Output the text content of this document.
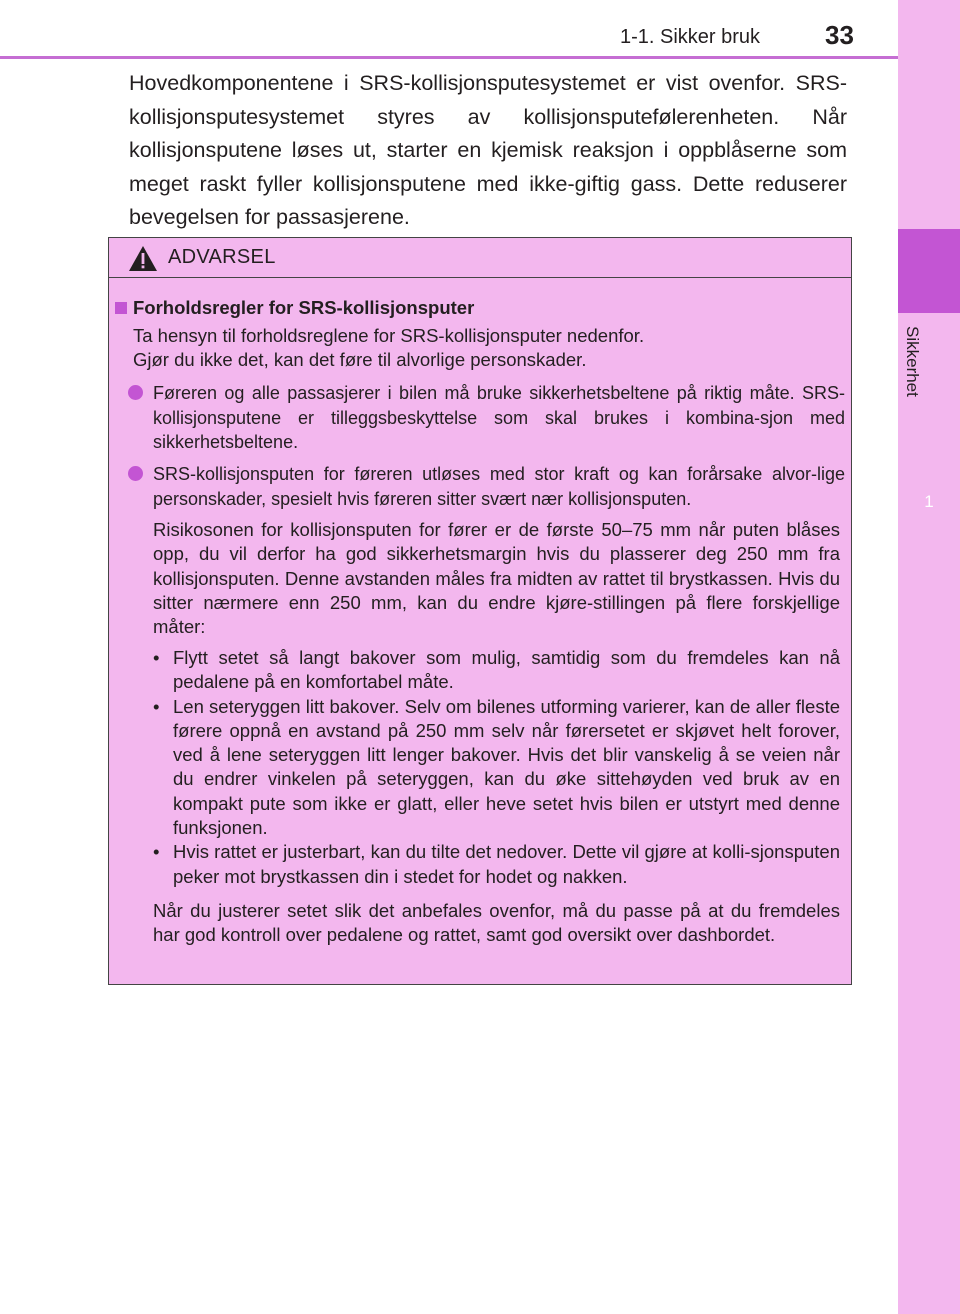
1
Sikkerhet
1-1. Sikker bruk 33
Hovedkomponentene i SRS-kollisjonsputesystemet er vist ovenfor. SRS-kollisjonsputesystemet styres av kollisjonsputefølerenheten. Når kollisjonsputene løses ut, starter en kjemisk reaksjon i oppblåserne som meget raskt fyller kollisjonsputene med ikke-giftig gass. Dette reduserer bevegelsen for passasjerene.
ADVARSEL
Forholdsregler for SRS-kollisjonsputer
Ta hensyn til forholdsreglene for SRS-kollisjonsputer nedenfor.
Gjør du ikke det, kan det føre til alvorlige personskader.
Føreren og alle passasjerer i bilen må bruke sikkerhetsbeltene på riktig måte. SRS-kollisjonsputene er tilleggsbeskyttelse som skal brukes i kombina-sjon med sikkerhetsbeltene.
SRS-kollisjonsputen for føreren utløses med stor kraft og kan forårsake alvor-lige personskader, spesielt hvis føreren sitter svært nær kollisjonsputen.
Risikosonen for kollisjonsputen for fører er de første 50–75 mm når puten blåses opp, du vil derfor ha god sikkerhetsmargin hvis du plasserer deg 250 mm fra kollisjonsputen. Denne avstanden måles fra midten av rattet til brystkassen. Hvis du sitter nærmere enn 250 mm, kan du endre kjøre-stillingen på flere forskjellige måter:
• Flytt setet så langt bakover som mulig, samtidig som du fremdeles kan nå pedalene på en komfortabel måte.
• Len seteryggen litt bakover. Selv om bilenes utforming varierer, kan de aller fleste førere oppnå en avstand på 250 mm selv når førersetet er skjøvet helt forover, ved å lene seteryggen litt lenger bakover. Hvis det blir vanskelig å se veien når du endrer vinkelen på seteryggen, kan du øke sittehøyden ved bruk av en kompakt pute som ikke er glatt, eller heve setet hvis bilen er utstyrt med denne funksjonen.
• Hvis rattet er justerbart, kan du tilte det nedover. Dette vil gjøre at kolli-sjonsputen peker mot brystkassen din i stedet for hodet og nakken.
Når du justerer setet slik det anbefales ovenfor, må du passe på at du fremdeles har god kontroll over pedalene og rattet, samt god oversikt over dashbordet.
